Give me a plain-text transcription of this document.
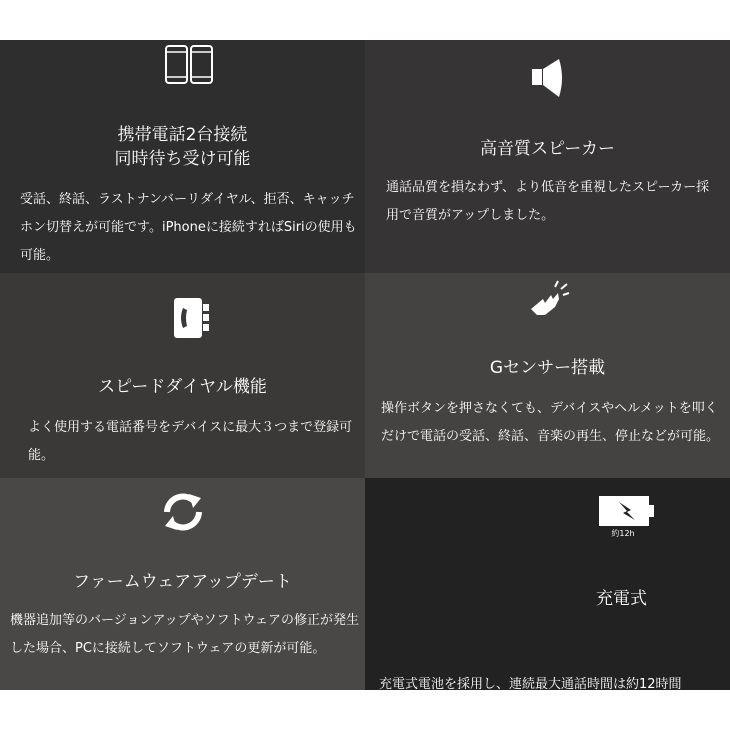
携帯電話2台接続
同時待ち受け可能
受話、終話、ラストナンバーリダイヤル、拒否、キャッチホン切替えが可能です。iPhoneに接続すればSiriの使用も可能。
高音質スピーカー
通話品質を損なわず、より低音を重視したスピーカー採用で音質がアップしました。
スピードダイヤル機能
よく使用する電話番号をデバイスに最大３つまで登録可能。
Gセンサー搭載
操作ボタンを押さなくても、デバイスやヘルメットを叩くだけで電話の受話、終話、音楽の再生、停止などが可能。
ファームウェアアップデート
機器追加等のバージョンアップやソフトウェアの修正が発生した場合、PCに接続してソフトウェアの更新が可能。
約12h
充電式
充電式電池を採用し、連続最大通話時間は約12時間
